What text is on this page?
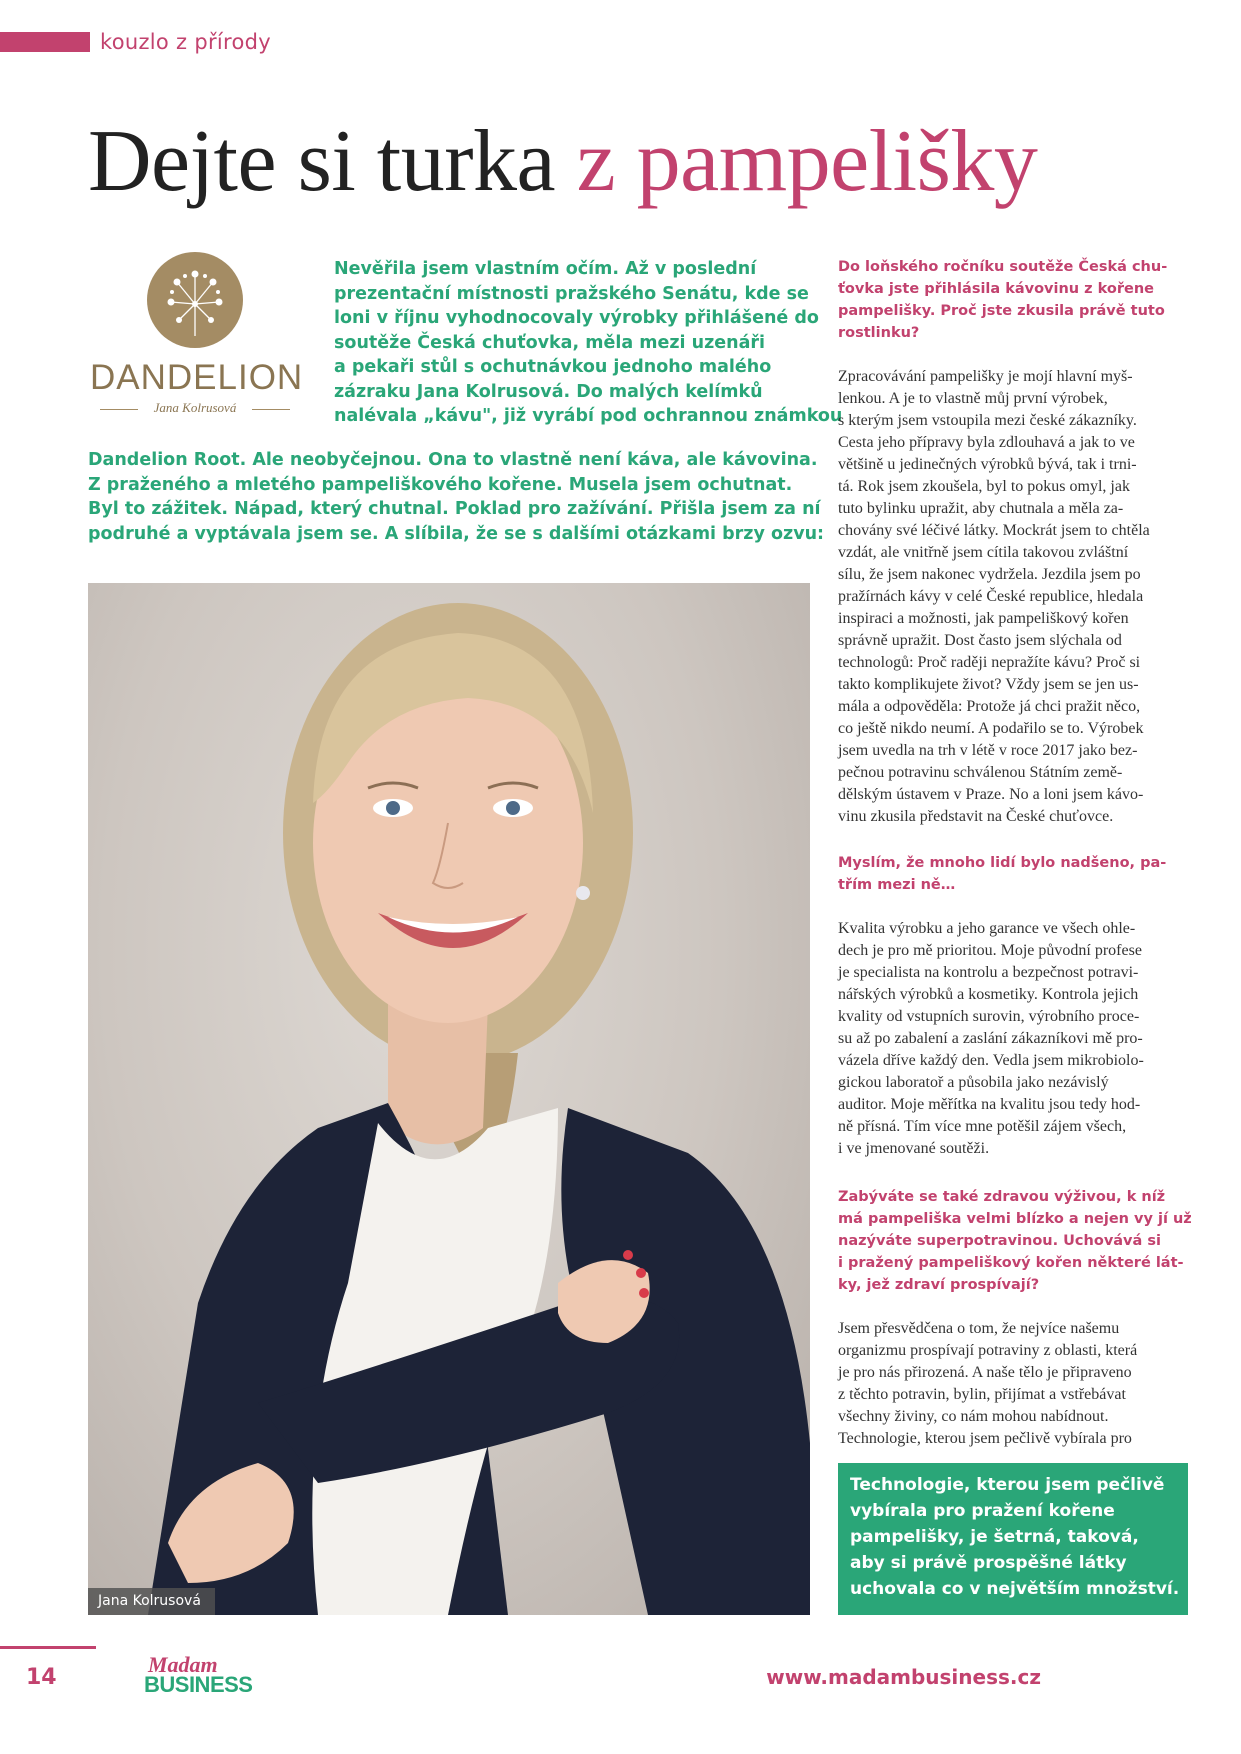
kouzlo z přírody
Dejte si turka z pampelišky
DANDELION
Jana Kolrusová
Nevěřila jsem vlastním očím. Až v poslední
prezentační místnosti pražského Senátu, kde se
loni v říjnu vyhodnocovaly výrobky přihlášené do
soutěže Česká chuťovka, měla mezi uzenáři
a pekaři stůl s ochutnávkou jednoho malého
zázraku Jana Kolrusová. Do malých kelímků
nalévala „kávu", již vyrábí pod ochrannou známkou
Dandelion Root. Ale neobyčejnou. Ona to vlastně není káva, ale kávovina.
Z praženého a mletého pampeliškového kořene. Musela jsem ochutnat.
Byl to zážitek. Nápad, který chutnal. Poklad pro zažívání. Přišla jsem za ní
podruhé a vyptávala jsem se. A slíbila, že se s dalšími otázkami brzy ozvu:
Jana Kolrusová
Do loňského ročníku soutěže Česká chu-
ťovka jste přihlásila kávovinu z kořene
pampelišky. Proč jste zkusila právě tuto
rostlinku?
Zpracovávání pampelišky je mojí hlavní myš-
lenkou. A je to vlastně můj první výrobek,
s kterým jsem vstoupila mezi české zákazníky.
Cesta jeho přípravy byla zdlouhavá a jak to ve
většině u jedinečných výrobků bývá, tak i trni-
tá. Rok jsem zkoušela, byl to pokus omyl, jak
tuto bylinku upražit, aby chutnala a měla za-
chovány své léčivé látky. Mockrát jsem to chtěla
vzdát, ale vnitřně jsem cítila takovou zvláštní
sílu, že jsem nakonec vydržela. Jezdila jsem po
pražírnách kávy v celé České republice, hledala
inspiraci a možnosti, jak pampeliškový kořen
správně upražit. Dost často jsem slýchala od
technologů: Proč raději nepražíte kávu? Proč si
takto komplikujete život? Vždy jsem se jen us-
mála a odpověděla: Protože já chci pražit něco,
co ještě nikdo neumí. A podařilo se to. Výrobek
jsem uvedla na trh v létě v roce 2017 jako bez-
pečnou potravinu schválenou Státním země-
dělským ústavem v Praze. No a loni jsem kávo-
vinu zkusila představit na České chuťovce.
Myslím, že mnoho lidí bylo nadšeno, pa-
třím mezi ně…
Kvalita výrobku a jeho garance ve všech ohle-
dech je pro mě prioritou. Moje původní profese
je specialista na kontrolu a bezpečnost potravi-
nářských výrobků a kosmetiky. Kontrola jejich
kvality od vstupních surovin, výrobního proce-
su až po zabalení a zaslání zákazníkovi mě pro-
vázela dříve každý den. Vedla jsem mikrobiolo-
gickou laboratoř a působila jako nezávislý
auditor. Moje měřítka na kvalitu jsou tedy hod-
ně přísná. Tím více mne potěšil zájem všech,
i ve jmenované soutěži.
Zabýváte se také zdravou výživou, k níž
má pampeliška velmi blízko a nejen vy jí už
nazýváte superpotravinou. Uchovává si
i pražený pampeliškový kořen některé lát-
ky, jež zdraví prospívají?
Jsem přesvědčena o tom, že nejvíce našemu
organizmu prospívají potraviny z oblasti, která
je pro nás přirozená. A naše tělo je připraveno
z těchto potravin, bylin, přijímat a vstřebávat
všechny živiny, co nám mohou nabídnout.
Technologie, kterou jsem pečlivě vybírala pro
Technologie, kterou jsem pečlivě
vybírala pro pražení kořene
pampelišky, je šetrná, taková,
aby si právě prospěšné látky
uchovala co v největším množství.
14
Madam
BUSINESS	www.madambusiness.cz
